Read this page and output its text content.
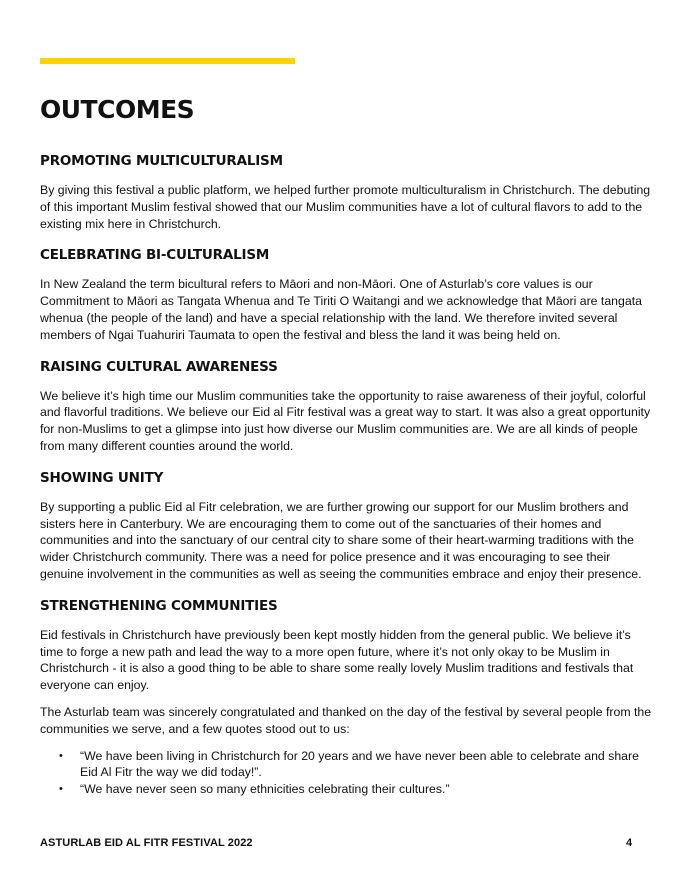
OUTCOMES
PROMOTING MULTICULTURALISM

By giving this festival a public platform, we helped further promote multiculturalism in Christchurch. The debuting of this important Muslim festival showed that our Muslim communities have a lot of cultural flavors to add to the existing mix here in Christchurch.

CELEBRATING BI-CULTURALISM

In New Zealand the term bicultural refers to Māori and non-Māori. One of Asturlab’s core values is our Commitment to Māori as Tangata Whenua and Te Tiriti O Waitangi and we acknowledge that Māori are tangata whenua (the people of the land) and have a special relationship with the land. We therefore invited several members of Ngai Tuahuriri Taumata to open the festival and bless the land it was being held on.

RAISING CULTURAL AWARENESS

We believe it’s high time our Muslim communities take the opportunity to raise awareness of their joyful, colorful and flavorful traditions. We believe our Eid al Fitr festival was a great way to start. It was also a great opportunity for non-Muslims to get a glimpse into just how diverse our Muslim communities are. We are all kinds of people from many different counties around the world.

SHOWING UNITY

By supporting a public Eid al Fitr celebration, we are further growing our support for our Muslim brothers and sisters here in Canterbury. We are encouraging them to come out of the sanctuaries of their homes and communities and into the sanctuary of our central city to share some of their heart-warming traditions with the wider Christchurch community. There was a need for police presence and it was encouraging to see their genuine involvement in the communities as well as seeing the communities embrace and enjoy their presence.

STRENGTHENING COMMUNITIES

Eid festivals in Christchurch have previously been kept mostly hidden from the general public. We believe it’s time to forge a new path and lead the way to a more open future, where it’s not only okay to be Muslim in Christchurch - it is also a good thing to be able to share some really lovely Muslim traditions and festivals that everyone can enjoy.

The Asturlab team was sincerely congratulated and thanked on the day of the festival by several people from the communities we serve, and a few quotes stood out to us:

• “We have been living in Christchurch for 20 years and we have never been able to celebrate and share Eid Al Fitr the way we did today!”.
• “We have never seen so many ethnicities celebrating their cultures.”
ASTURLAB EID AL FITR FESTIVAL 2022	4
